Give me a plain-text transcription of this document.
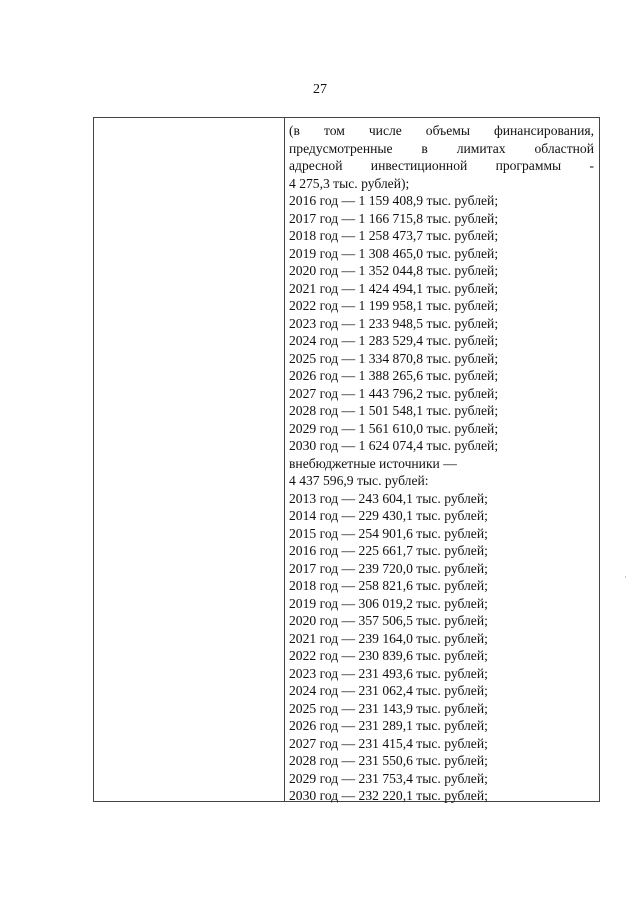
27
(в том числе объемы финансирования,
предусмотренные в лимитах областной
адресной инвестиционной программы -
4 275,3 тыс. рублей);
2016 год — 1 159 408,9 тыс. рублей;
2017 год — 1 166 715,8 тыс. рублей;
2018 год — 1 258 473,7 тыс. рублей;
2019 год — 1 308 465,0 тыс. рублей;
2020 год — 1 352 044,8 тыс. рублей;
2021 год — 1 424 494,1 тыс. рублей;
2022 год — 1 199 958,1 тыс. рублей;
2023 год — 1 233 948,5 тыс. рублей;
2024 год — 1 283 529,4 тыс. рублей;
2025 год — 1 334 870,8 тыс. рублей;
2026 год — 1 388 265,6 тыс. рублей;
2027 год — 1 443 796,2 тыс. рублей;
2028 год — 1 501 548,1 тыс. рублей;
2029 год — 1 561 610,0 тыс. рублей;
2030 год — 1 624 074,4 тыс. рублей;
внебюджетные источники —
4 437 596,9 тыс. рублей:
2013 год — 243 604,1 тыс. рублей;
2014 год — 229 430,1 тыс. рублей;
2015 год — 254 901,6 тыс. рублей;
2016 год — 225 661,7 тыс. рублей;
2017 год — 239 720,0 тыс. рублей;
2018 год — 258 821,6 тыс. рублей;
2019 год — 306 019,2 тыс. рублей;
2020 год — 357 506,5 тыс. рублей;
2021 год — 239 164,0 тыс. рублей;
2022 год — 230 839,6 тыс. рублей;
2023 год — 231 493,6 тыс. рублей;
2024 год — 231 062,4 тыс. рублей;
2025 год — 231 143,9 тыс. рублей;
2026 год — 231 289,1 тыс. рублей;
2027 год — 231 415,4 тыс. рублей;
2028 год — 231 550,6 тыс. рублей;
2029 год — 231 753,4 тыс. рублей;
2030 год — 232 220,1 тыс. рублей;
·
